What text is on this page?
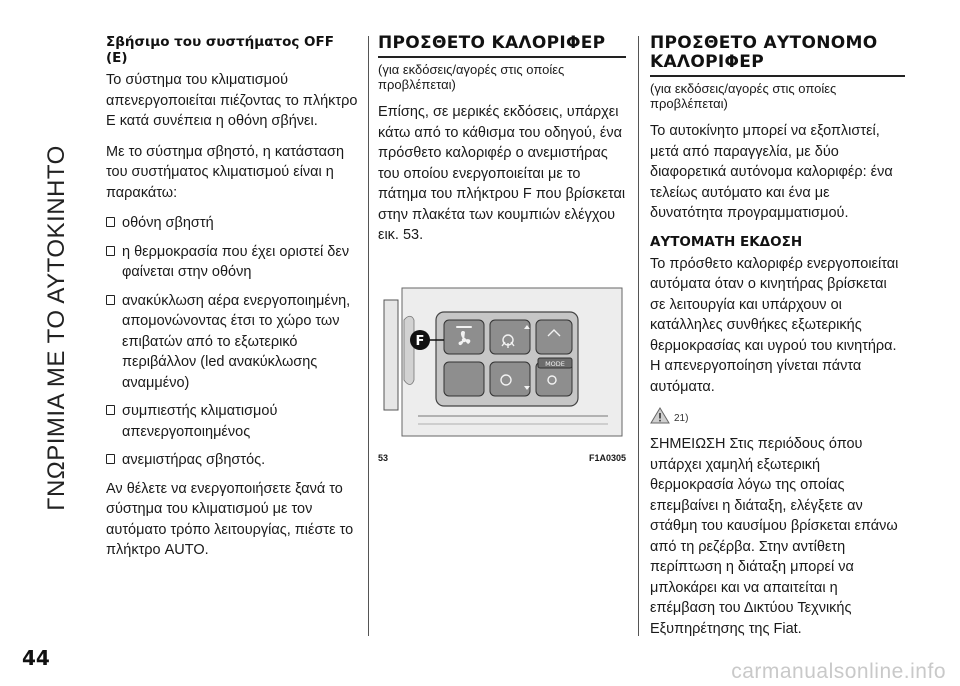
ΓΝΩΡΙΜΙΑ ΜΕ ΤΟ ΑΥΤΟΚΙΝΗΤΟ
Σβήσιμο του συστήματος OFF (E)

Το σύστημα του κλιματισμού απενεργοποιείται πιέζοντας το πλήκτρο E κατά συνέπεια η οθόνη σβήνει.

Με το σύστημα σβηστό, η κατάσταση του συστήματος κλιματισμού είναι η παρακάτω:

οθόνη σβηστή
η θερμοκρασία που έχει οριστεί δεν φαίνεται στην οθόνη
ανακύκλωση αέρα ενεργοποιημένη, απομονώνοντας έτσι το χώρο των επιβατών από το εξωτερικό περιβάλλον (led ανακύκλωσης αναμμένο)
συμπιεστής κλιματισμού απενεργοποιημένος
ανεμιστήρας σβηστός.

Αν θέλετε να ενεργοποιήσετε ξανά το σύστημα του κλιματισμού με τον αυτόματο τρόπο λειτουργίας, πιέστε το πλήκτρο AUTO.

ΠΡΟΣΘΕΤΟ ΚΑΛΟΡΙΦΕΡ
(για εκδόσεις/αγορές στις οποίες προβλέπεται)

Επίσης, σε μερικές εκδόσεις, υπάρχει κάτω από το κάθισμα του οδηγού, ένα πρόσθετο καλοριφέρ ο ανεμιστήρας του οποίου ενεργοποιείται με το πάτημα του πλήκτρου F που βρίσκεται στην πλακέτα των κουμπιών ελέγχου εικ. 53.

MODE
F
53	F1A0305
ΠΡΟΣΘΕΤΟ ΑΥΤΟΝΟΜΟ ΚΑΛΟΡΙΦΕΡ
(για εκδόσεις/αγορές στις οποίες προβλέπεται)

Το αυτοκίνητο μπορεί να εξοπλιστεί, μετά από παραγγελία, με δύο διαφορετικά αυτόνομα καλοριφέρ: ένα τελείως αυτόματο και ένα με δυνατότητα προγραμματισμού.

ΑΥΤΟΜΑΤΗ ΕΚΔΟΣΗ

Το πρόσθετο καλοριφέρ ενεργοποιείται αυτόματα όταν ο κινητήρας βρίσκεται σε λειτουργία και υπάρχουν οι κατάλληλες συνθήκες εξωτερικής θερμοκρασίας και υγρού του κινητήρα. Η απενεργοποίηση γίνεται πάντα αυτόματα.

21)

ΣΗΜΕΙΩΣΗ Στις περιόδους όπου υπάρχει χαμηλή εξωτερική θερμοκρασία λόγω της οποίας επεμβαίνει η διάταξη, ελέγξετε αν στάθμη του καυσίμου βρίσκεται επάνω από τη ρεζέρβα. Στην αντίθετη περίπτωση η διάταξη μπορεί να μπλοκάρει και να απαιτείται η επέμβαση του Δικτύου Τεχνικής Εξυπηρέτησης της Fiat.

44
carmanualsonline.info
